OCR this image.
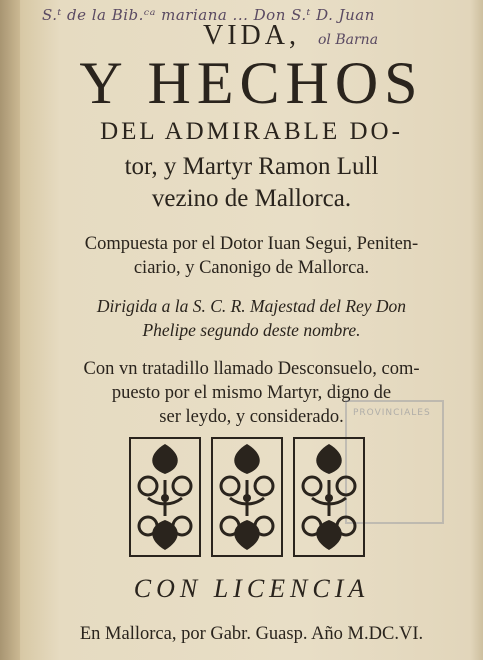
S.ᵗ de la Bib.ᶜᵃ mariana ... Don S.ᵗ D. Juan
ol Barna
VIDA,
Y HECHOS
DEL ADMIRABLE DO-
tor, y Martyr Ramon Lull
vezino de Mallorca.
Compuesta por el Dotor Iuan Segui, Peniten-
ciario, y Canonigo de Mallorca.
Dirigida a la S. C. R. Majestad del Rey Don
Phelipe segundo deste nombre.
Con vn tratadillo llamado Desconsuelo, com-
puesto por el mismo Martyr, digno de
ser leydo, y considerado.	PROVINCIALES
CON LICENCIA
En Mallorca, por Gabr. Guasp. Año M.DC.VI.
